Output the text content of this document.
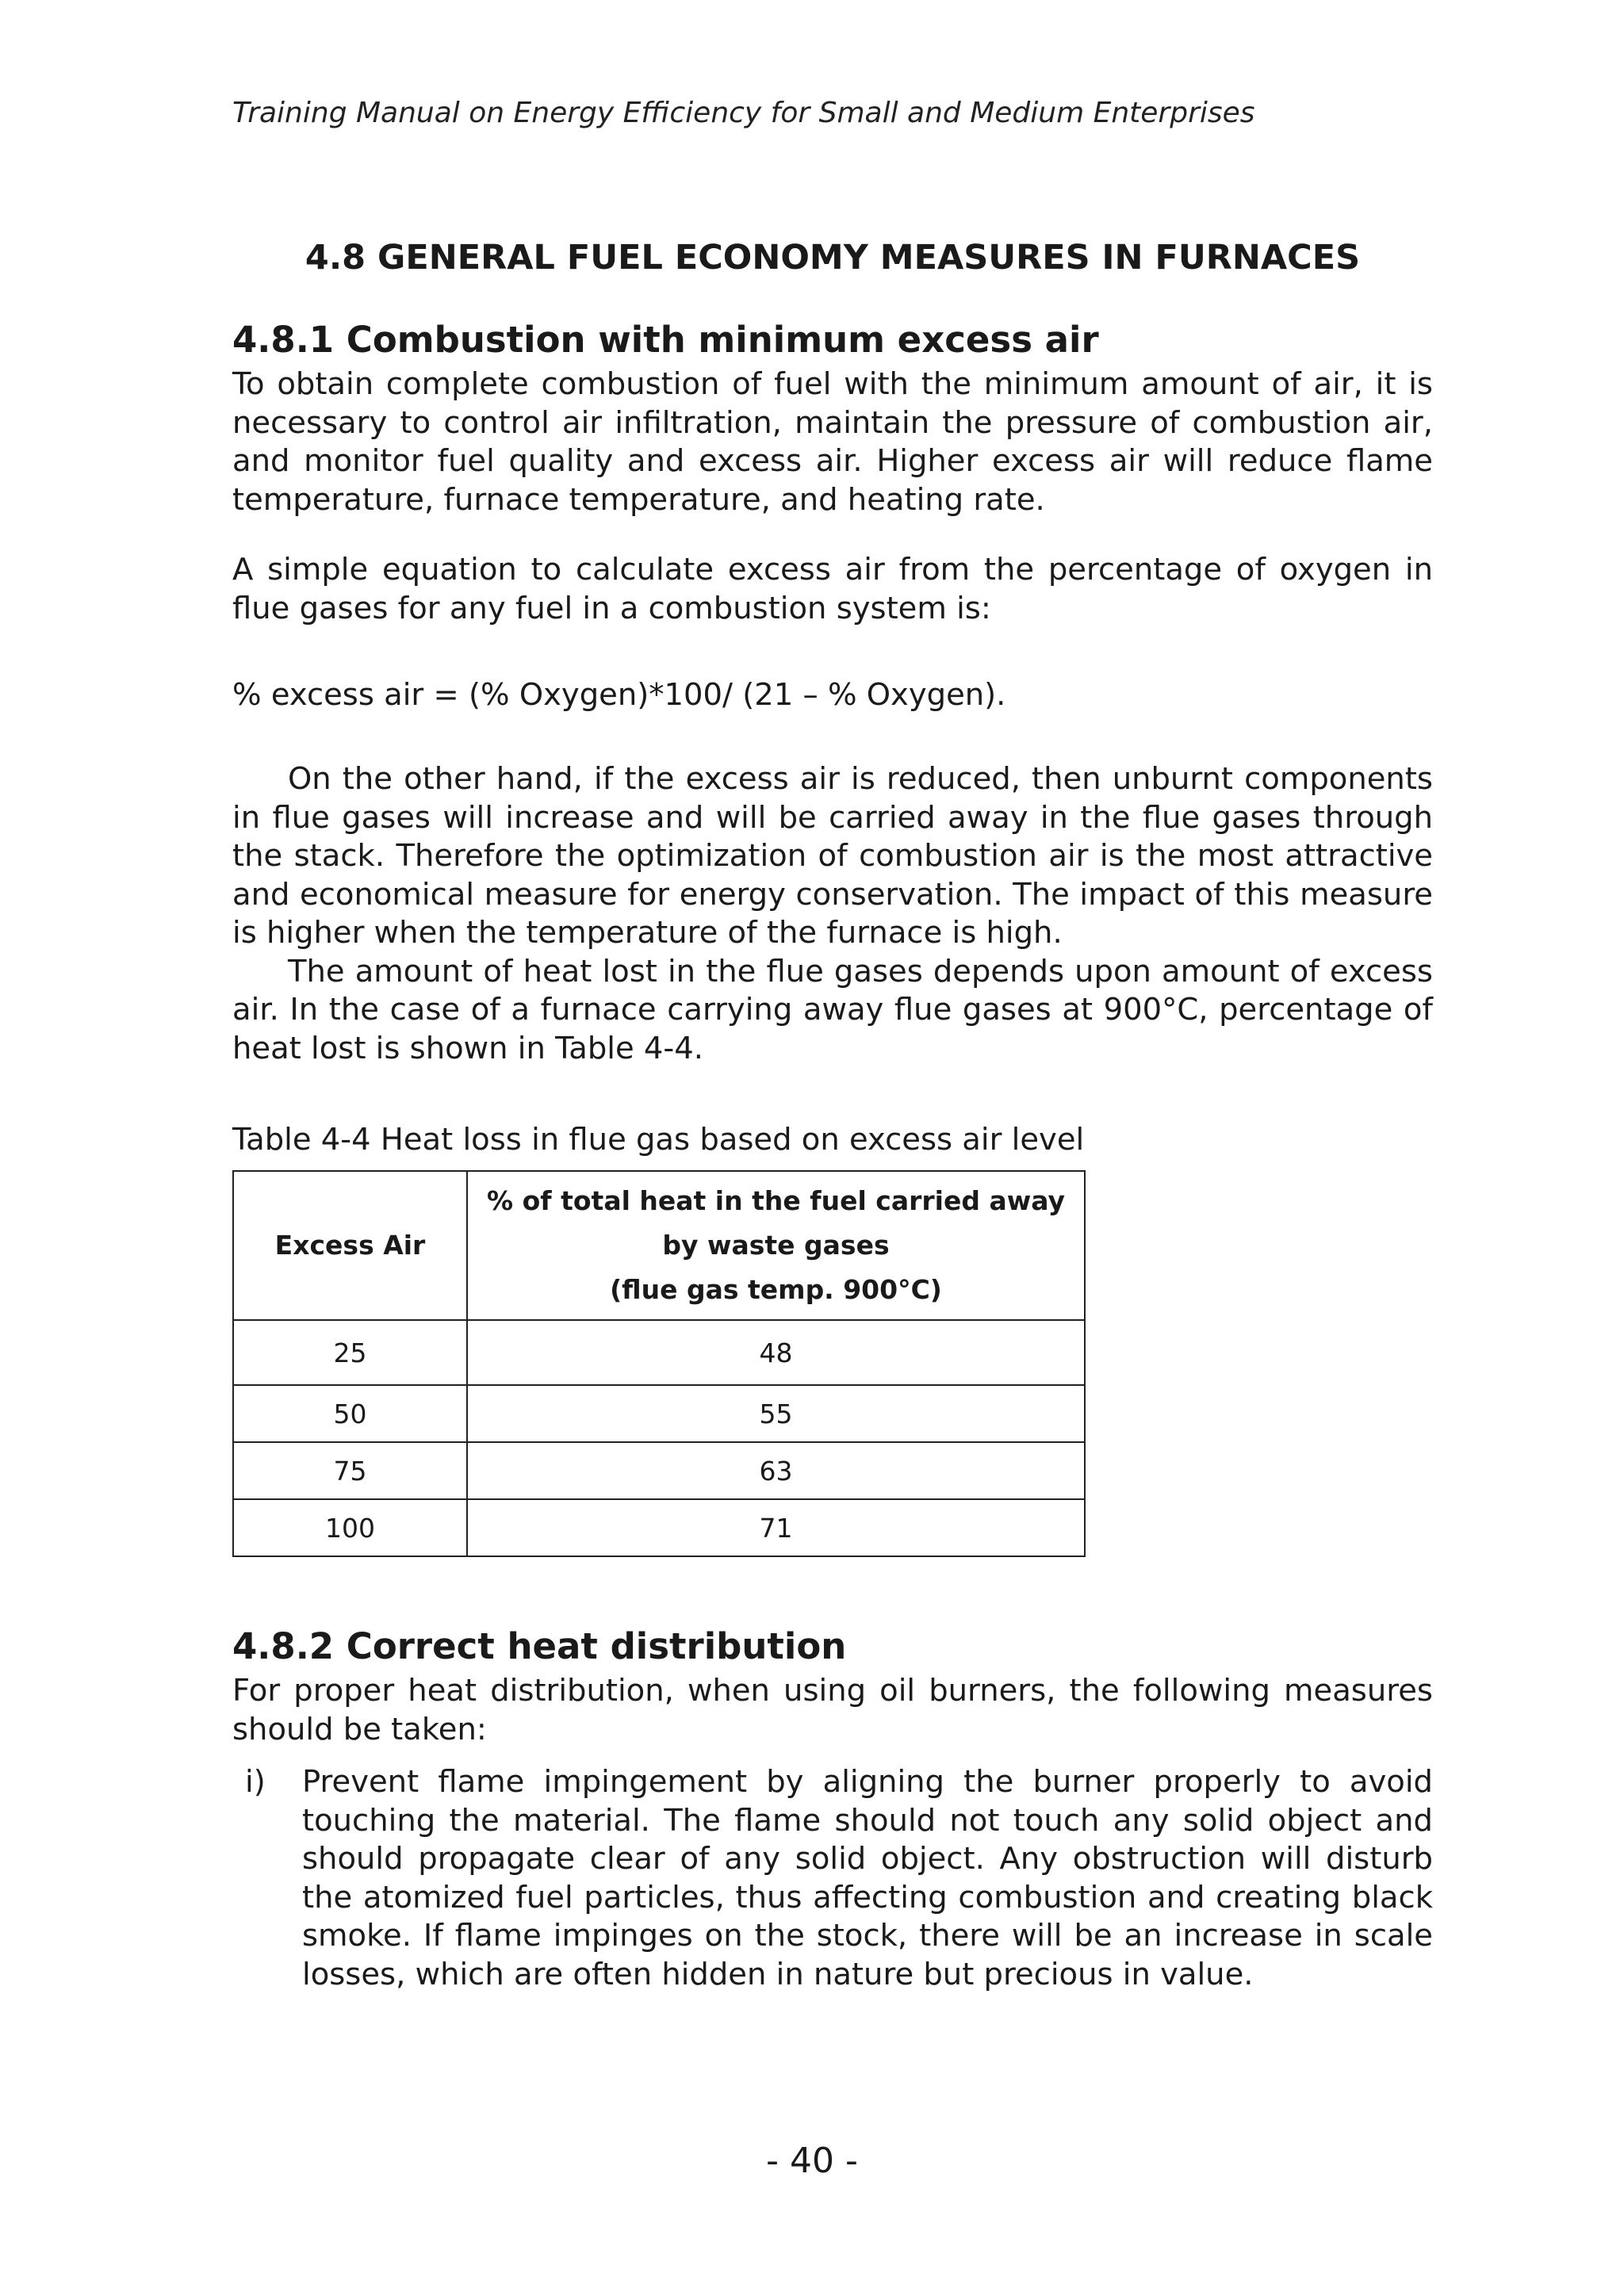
Training Manual on Energy Efficiency for Small and Medium Enterprises
4.8 GENERAL FUEL ECONOMY MEASURES IN FURNACES
4.8.1 Combustion with minimum excess air

To obtain complete combustion of fuel with the minimum amount of air, it is necessary to control air infiltration, maintain the pressure of combustion air, and monitor fuel quality and excess air. Higher excess air will reduce flame temperature, furnace temperature, and heating rate.

A simple equation to calculate excess air from the percentage of oxygen in flue gases for any fuel in a combustion system is:

% excess air = (% Oxygen)*100/ (21 – % Oxygen).

On the other hand, if the excess air is reduced, then unburnt components in flue gases will increase and will be carried away in the flue gases through the stack. Therefore the optimization of combustion air is the most attractive and economical measure for energy conservation. The impact of this measure is higher when the temperature of the furnace is high.

The amount of heat lost in the flue gases depends upon amount of excess air. In the case of a furnace carrying away flue gases at 900°C, percentage of heat lost is shown in Table 4-4.

Table 4-4 Heat loss in flue gas based on excess air level

Excess Air	% of total heat in the fuel carried away
by waste gases
(flue gas temp. 900°C)

25	48
50	55
75	63
100	71
4.8.2 Correct heat distribution

For proper heat distribution, when using oil burners, the following measures should be taken:

i)	Prevent flame impingement by aligning the burner properly to avoid touching the material. The flame should not touch any solid object and should propagate clear of any solid object. Any obstruction will disturb the atomized fuel particles, thus affecting combustion and creating black smoke. If flame impinges on the stock, there will be an increase in scale losses, which are often hidden in nature but precious in value.
- 40 -
